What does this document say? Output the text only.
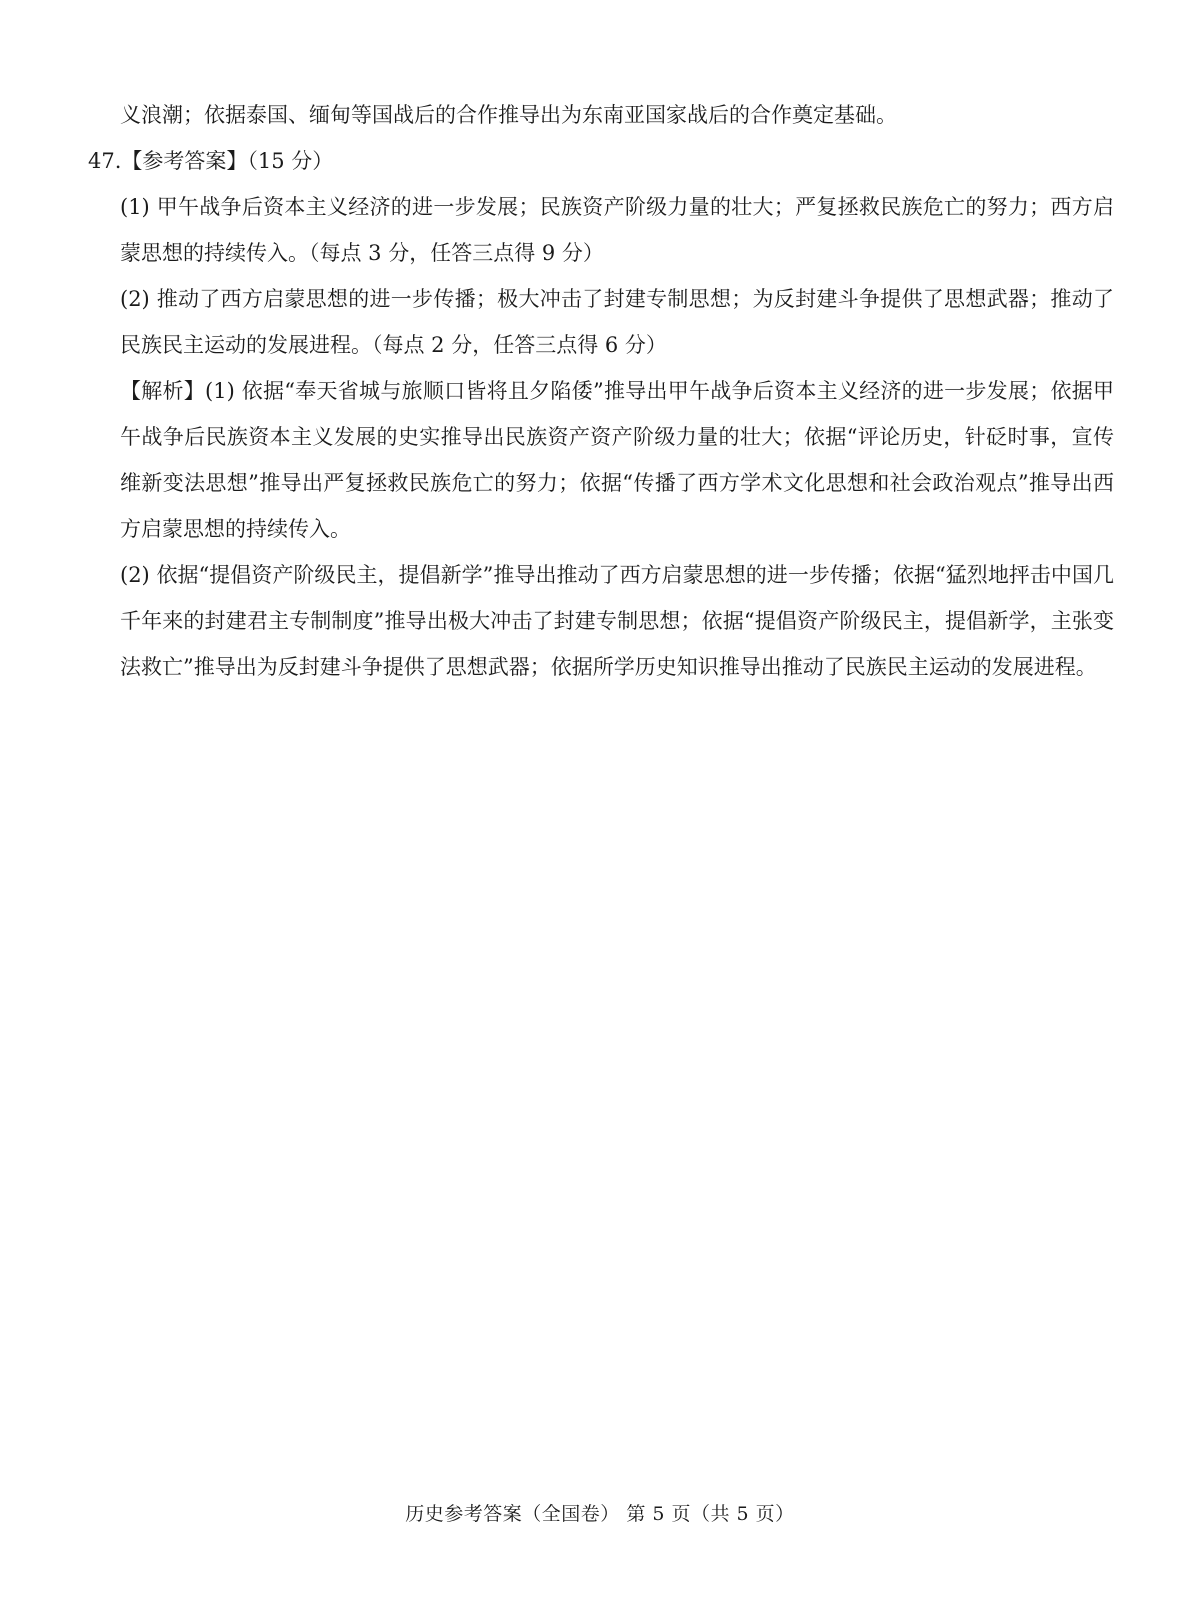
义浪潮；依据泰国、缅甸等国战后的合作推导出为东南亚国家战后的合作奠定基础。

47.【参考答案】（15 分）

(1) 甲午战争后资本主义经济的进一步发展；民族资产阶级力量的壮大；严复拯救民族危亡的努力；西方启蒙思想的持续传入。（每点 3 分，任答三点得 9 分）

(2) 推动了西方启蒙思想的进一步传播；极大冲击了封建专制思想；为反封建斗争提供了思想武器；推动了民族民主运动的发展进程。（每点 2 分，任答三点得 6 分）

【解析】(1) 依据“奉天省城与旅顺口皆将且夕陷倭”推导出甲午战争后资本主义经济的进一步发展；依据甲午战争后民族资本主义发展的史实推导出民族资产资产阶级力量的壮大；依据“评论历史，针砭时事，宣传维新变法思想”推导出严复拯救民族危亡的努力；依据“传播了西方学术文化思想和社会政治观点”推导出西方启蒙思想的持续传入。

(2) 依据“提倡资产阶级民主，提倡新学”推导出推动了西方启蒙思想的进一步传播；依据“猛烈地抨击中国几千年来的封建君主专制制度”推导出极大冲击了封建专制思想；依据“提倡资产阶级民主，提倡新学，主张变法救亡”推导出为反封建斗争提供了思想武器；依据所学历史知识推导出推动了民族民主运动的发展进程。

历史参考答案（全国卷） 第 5 页（共 5 页）
